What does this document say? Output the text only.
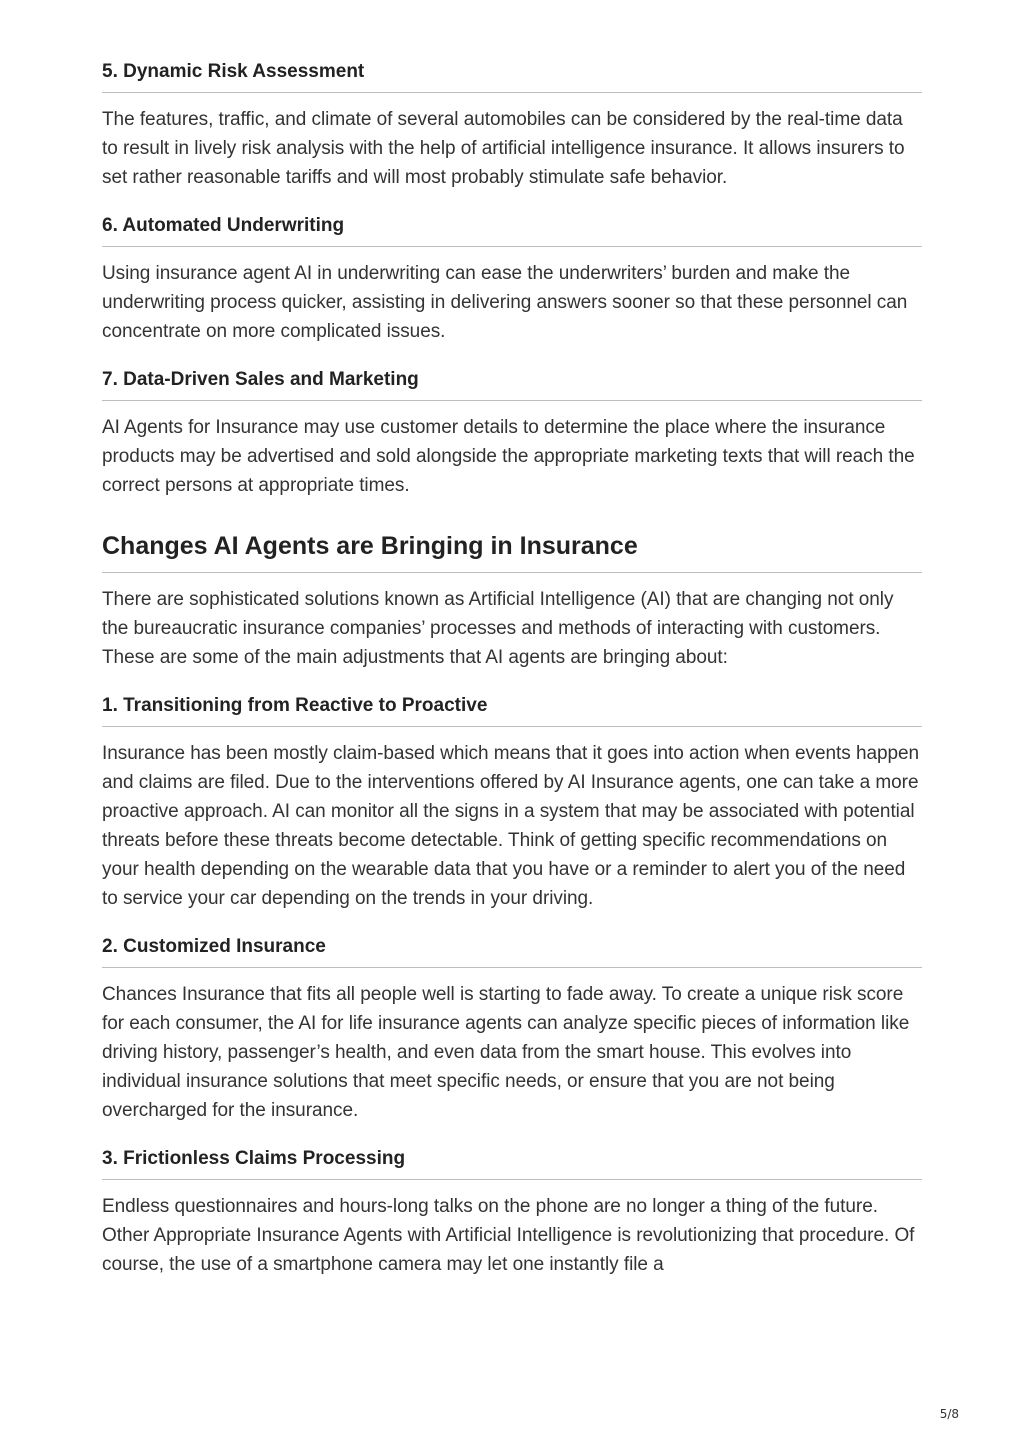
5. Dynamic Risk Assessment

The features, traffic, and climate of several automobiles can be considered by the real-time data to result in lively risk analysis with the help of artificial intelligence insurance. It allows insurers to set rather reasonable tariffs and will most probably stimulate safe behavior.

6. Automated Underwriting

Using insurance agent AI in underwriting can ease the underwriters’ burden and make the underwriting process quicker, assisting in delivering answers sooner so that these personnel can concentrate on more complicated issues.

7. Data-Driven Sales and Marketing

AI Agents for Insurance may use customer details to determine the place where the insurance products may be advertised and sold alongside the appropriate marketing texts that will reach the correct persons at appropriate times.

Changes AI Agents are Bringing in Insurance

There are sophisticated solutions known as Artificial Intelligence (AI) that are changing not only the bureaucratic insurance companies’ processes and methods of interacting with customers. These are some of the main adjustments that AI agents are bringing about:

1. Transitioning from Reactive to Proactive

Insurance has been mostly claim-based which means that it goes into action when events happen and claims are filed. Due to the interventions offered by AI Insurance agents, one can take a more proactive approach. AI can monitor all the signs in a system that may be associated with potential threats before these threats become detectable. Think of getting specific recommendations on your health depending on the wearable data that you have or a reminder to alert you of the need to service your car depending on the trends in your driving.

2. Customized Insurance

Chances Insurance that fits all people well is starting to fade away. To create a unique risk score for each consumer, the AI for life insurance agents can analyze specific pieces of information like driving history, passenger’s health, and even data from the smart house. This evolves into individual insurance solutions that meet specific needs, or ensure that you are not being overcharged for the insurance.

3. Frictionless Claims Processing

Endless questionnaires and hours-long talks on the phone are no longer a thing of the future. Other Appropriate Insurance Agents with Artificial Intelligence is revolutionizing that procedure. Of course, the use of a smartphone camera may let one instantly file a

5/8
